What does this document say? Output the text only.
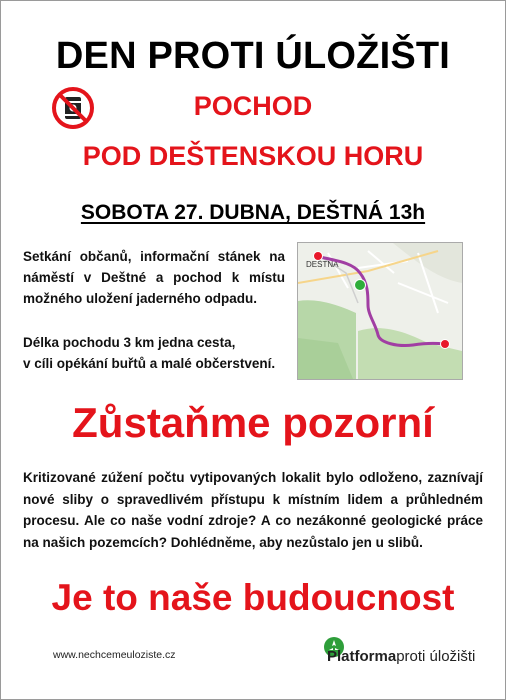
DEN PROTI ÚLOŽIŠTI
POCHOD
POD DEŠTENSKOU HORU
SOBOTA 27. DUBNA, DEŠTNÁ 13h
Setkání občanů, informační stánek na náměstí v Deštné a pochod k místu možného uložení jaderného odpadu.
Délka pochodu 3 km jedna cesta,
v cíli opékání buřtů a malé občerstvení.
DEŠTNÁ
Zůstaňme pozorní
Kritizované zúžení počtu vytipovaných lokalit bylo odloženo, zaznívají nové sliby o spravedlivém přístupu k místním lidem a průhledném procesu. Ale co naše vodní zdroje? A co nezákonné geologické práce na našich pozemcích? Dohlédněme, aby nezůstalo jen u slibů.
Je to naše budoucnost
www.nechcemeuloziste.cz	Platformaproti úložišti
